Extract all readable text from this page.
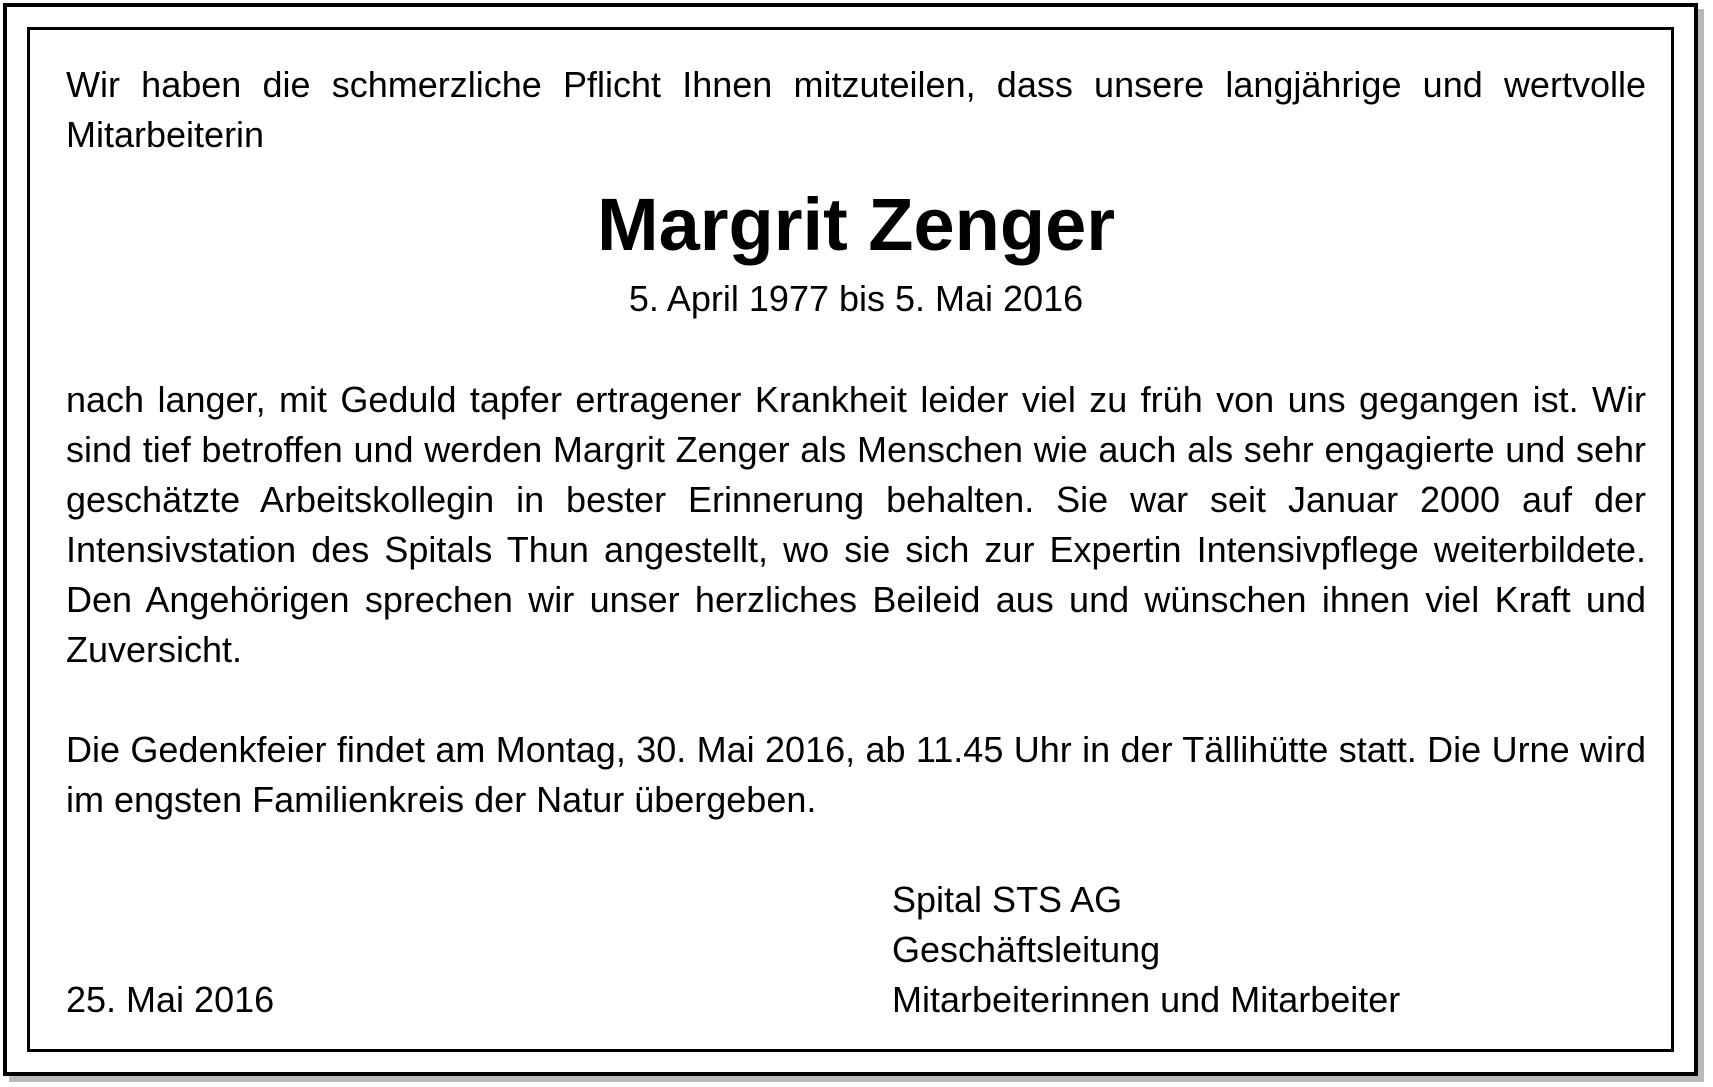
Wir haben die schmerzliche Pflicht Ihnen mitzuteilen, dass unsere langjährige und wertvolle Mitarbeiterin
Margrit Zenger
5. April 1977 bis 5. Mai 2016
nach langer, mit Geduld tapfer ertragener Krankheit leider viel zu früh von uns gegangen ist. Wir sind tief betroffen und werden Margrit Zenger als Menschen wie auch als sehr engagierte und sehr geschätzte Arbeitskollegin in bester Erinnerung behalten. Sie war seit Januar 2000 auf der Intensivstation des Spitals Thun angestellt, wo sie sich zur Expertin Intensivpflege weiterbildete. Den Angehörigen sprechen wir unser herzliches Beileid aus und wünschen ihnen viel Kraft und Zuversicht.
Die Gedenkfeier findet am Montag, 30. Mai 2016, ab 11.45 Uhr in der Tällihütte statt. Die Urne wird im engsten Familienkreis der Natur übergeben.
Spital STS AG
Geschäftsleitung
Mitarbeiterinnen und Mitarbeiter
25. Mai 2016
